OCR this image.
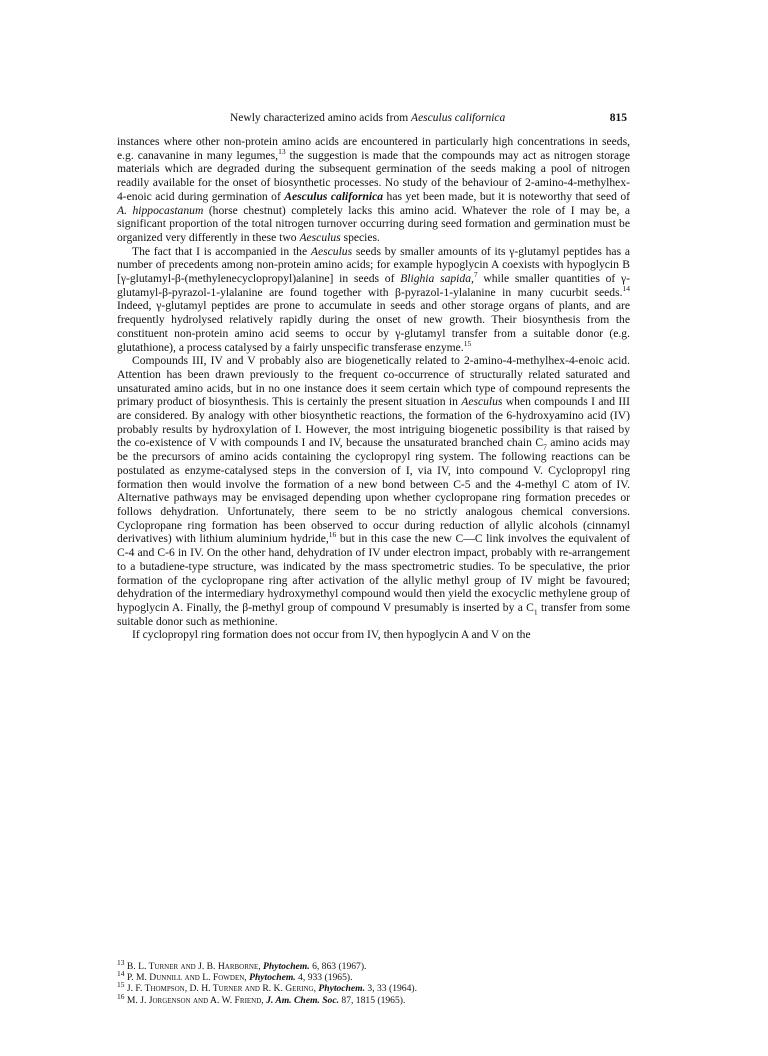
Newly characterized amino acids from Aesculus californica	815

instances where other non-protein amino acids are encountered in particularly high concentrations in seeds, e.g. canavanine in many legumes,$^{13}$ the suggestion is made that the compounds may act as nitrogen storage materials which are degraded during the subsequent germination of the seeds making a pool of nitrogen readily available for the onset of biosynthetic processes. No study of the behaviour of 2-amino-4-methylhex-4-enoic acid during germination of Aesculus californica has yet been made, but it is noteworthy that seed of A. hippocastanum (horse chestnut) completely lacks this amino acid. Whatever the role of I may be, a significant proportion of the total nitrogen turnover occurring during seed formation and germination must be organized very differently in these two Aesculus species.

The fact that I is accompanied in the Aesculus seeds by smaller amounts of its γ-glutamyl peptides has a number of precedents among non-protein amino acids; for example hypoglycin A coexists with hypoglycin B [γ-glutamyl-β-(methylenecyclopropyl)alanine] in seeds of Blighia sapida,$^7$ while smaller quantities of γ-glutamyl-β-pyrazol-1-ylalanine are found together with β-pyrazol-1-ylalanine in many cucurbit seeds.$^{14}$ Indeed, γ-glutamyl peptides are prone to accumulate in seeds and other storage organs of plants, and are frequently hydrolysed relatively rapidly during the onset of new growth. Their biosynthesis from the constituent non-protein amino acid seems to occur by γ-glutamyl transfer from a suitable donor (e.g. glutathione), a process catalysed by a fairly unspecific transferase enzyme.$^{15}$

Compounds III, IV and V probably also are biogenetically related to 2-amino-4-methylhex-4-enoic acid. Attention has been drawn previously to the frequent co-occurrence of structurally related saturated and unsaturated amino acids, but in no one instance does it seem certain which type of compound represents the primary product of biosynthesis. This is certainly the present situation in Aesculus when compounds I and III are considered. By analogy with other biosynthetic reactions, the formation of the 6-hydroxyamino acid (IV) probably results by hydroxylation of I. However, the most intriguing biogenetic possibility is that raised by the co-existence of V with compounds I and IV, because the unsaturated branched chain $C_7$ amino acids may be the precursors of amino acids containing the cyclopropyl ring system. The following reactions can be postulated as enzyme-catalysed steps in the conversion of I, via IV, into compound V. Cyclopropyl ring formation then would involve the formation of a new bond between C-5 and the 4-methyl C atom of IV. Alternative pathways may be envisaged depending upon whether cyclopropane ring formation precedes or follows dehydration. Unfortunately, there seem to be no strictly analogous chemical conversions. Cyclopropane ring formation has been observed to occur during reduction of allylic alcohols (cinnamyl derivatives) with lithium aluminium hydride,$^{16}$ but in this case the new C—C link involves the equivalent of C-4 and C-6 in IV. On the other hand, dehydration of IV under electron impact, probably with re-arrangement to a butadiene-type structure, was indicated by the mass spectrometric studies. To be speculative, the prior formation of the cyclopropane ring after activation of the allylic methyl group of IV might be favoured; dehydration of the intermediary hydroxymethyl compound would then yield the exocyclic methylene group of hypoglycin A. Finally, the β-methyl group of compound V presumably is inserted by a $C_1$ transfer from some suitable donor such as methionine.

If cyclopropyl ring formation does not occur from IV, then hypoglycin A and V on the

$^{13}$ B. L. Turner and J. B. Harborne, Phytochem. 6, 863 (1967).
$^{14}$ P. M. Dunnill and L. Fowden, Phytochem. 4, 933 (1965).
$^{15}$ J. F. Thompson, D. H. Turner and R. K. Gering, Phytochem. 3, 33 (1964).
$^{16}$ M. J. Jorgenson and A. W. Friend, J. Am. Chem. Soc. 87, 1815 (1965).
